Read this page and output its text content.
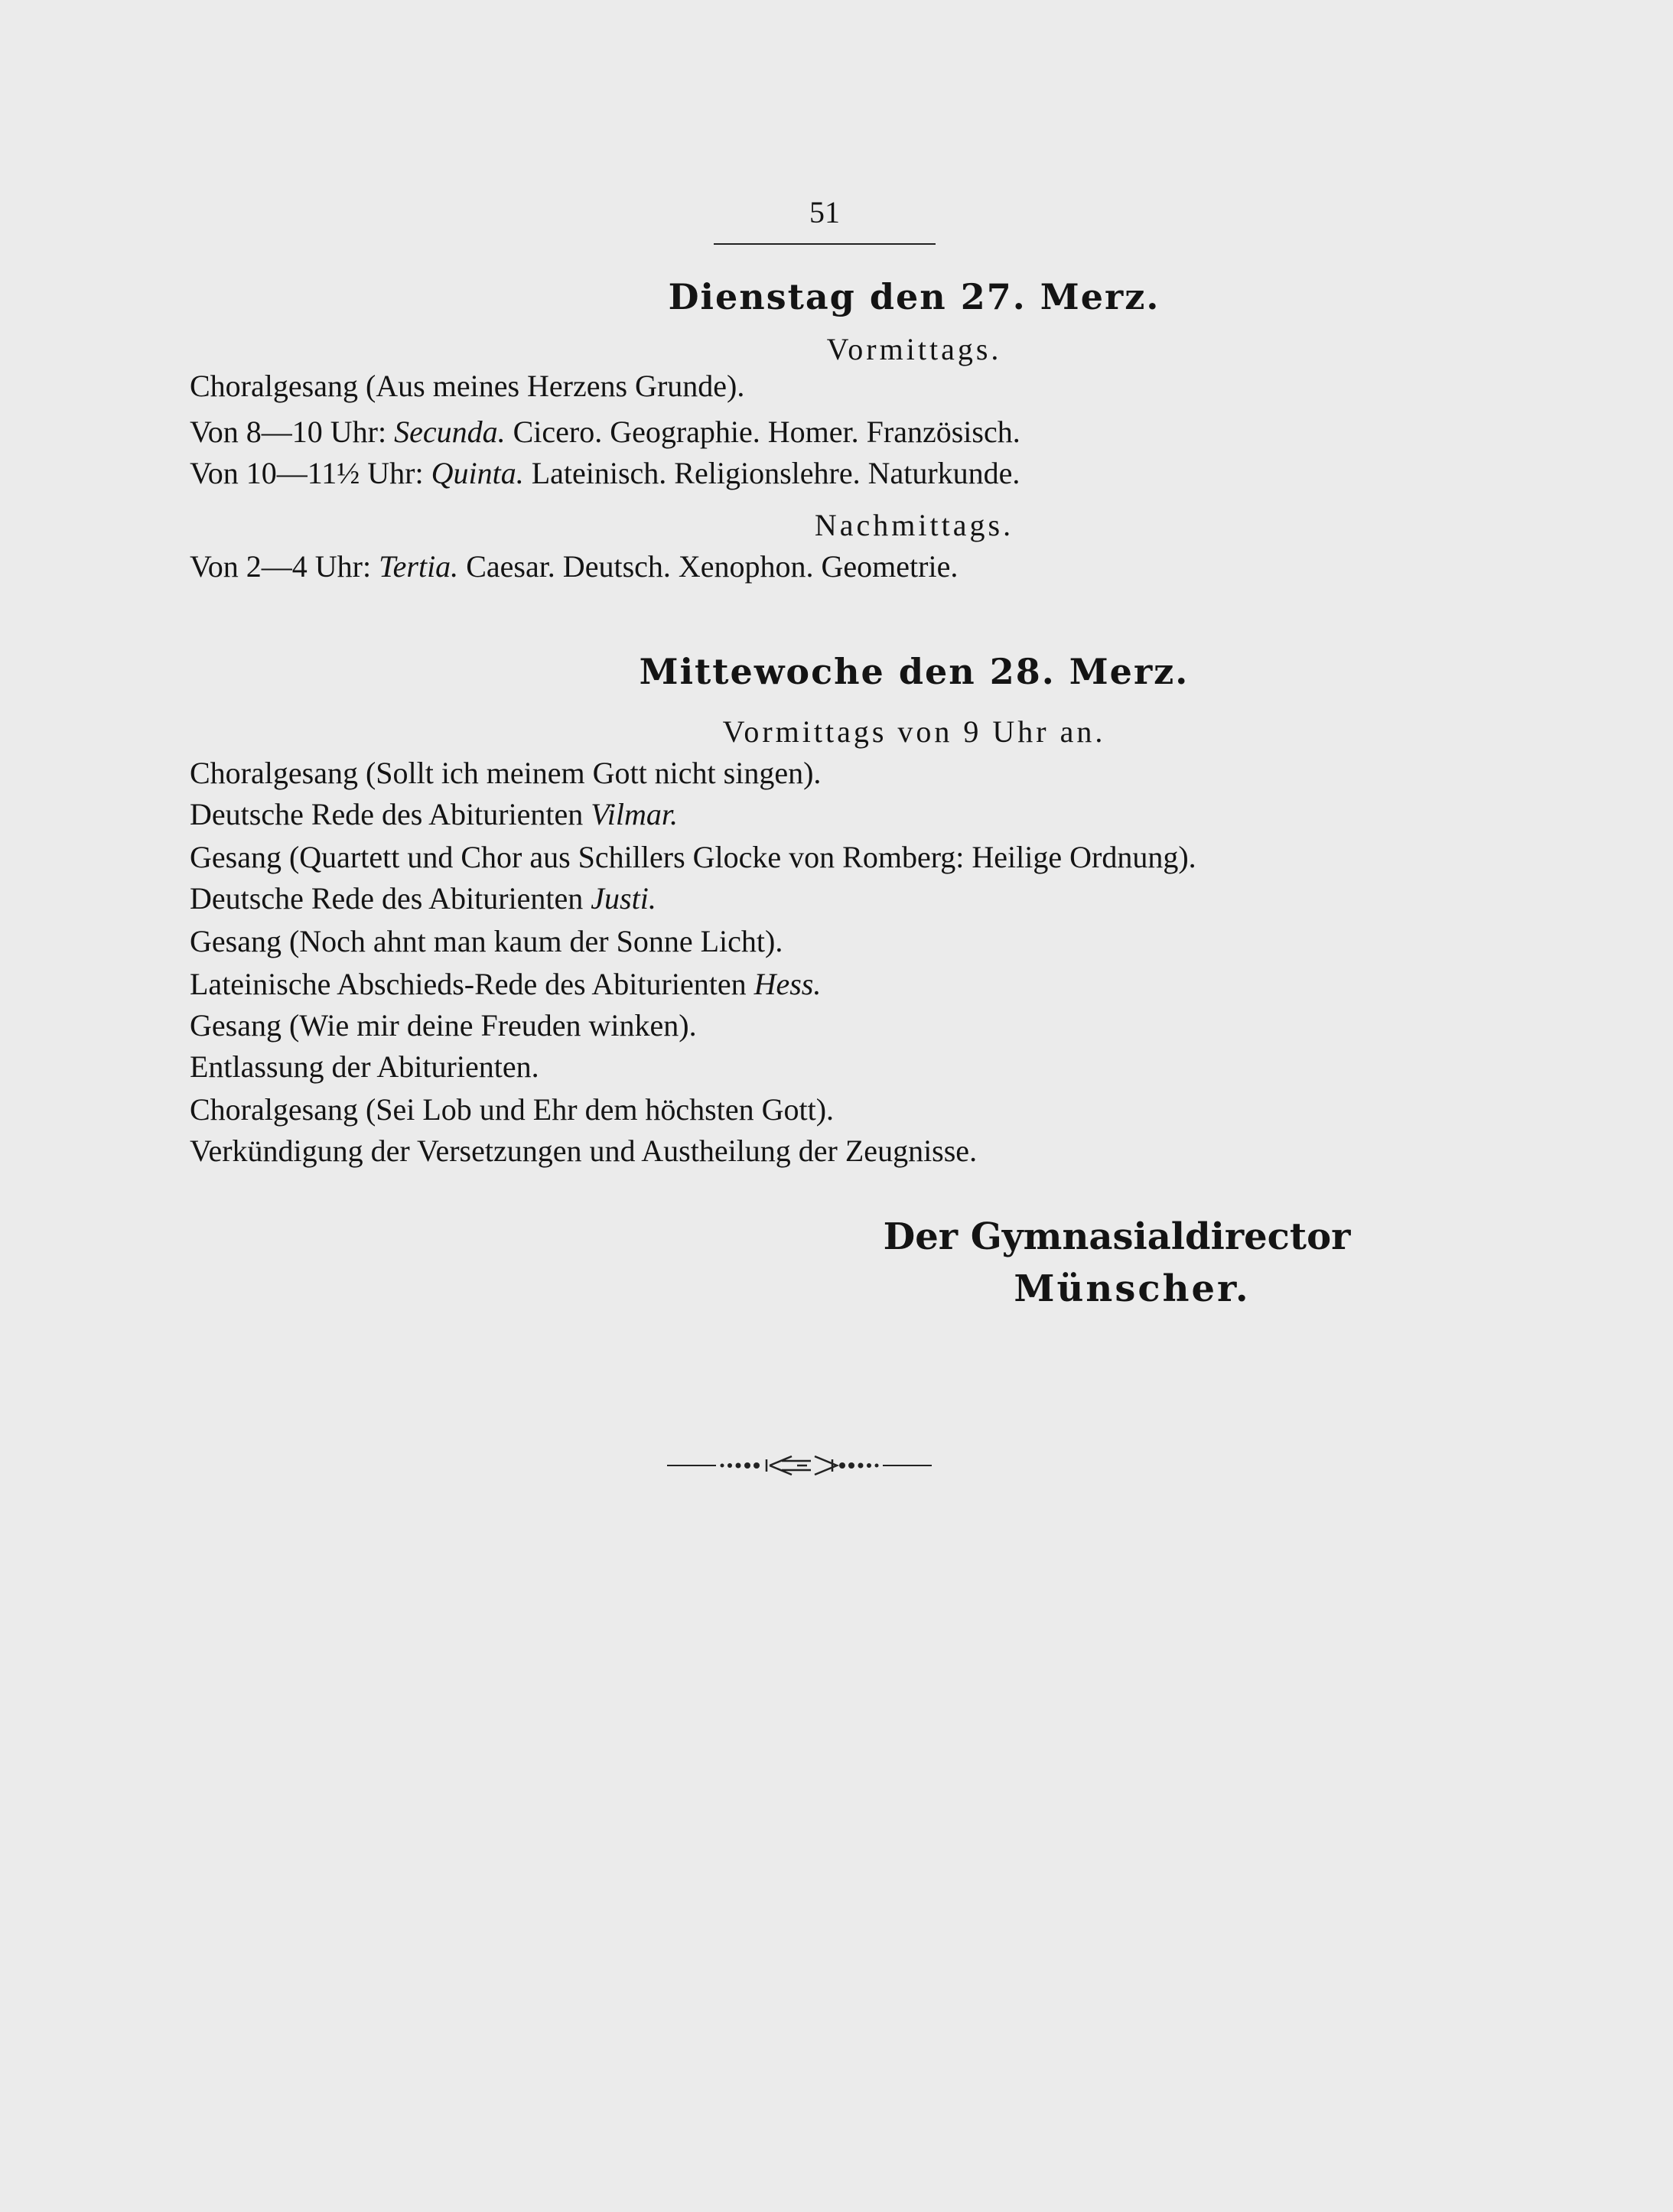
51
Dienstag den 27. Merz.
Vormittags.
Choralgesang (Aus meines Herzens Grunde).
Von 8—10 Uhr: Secunda. Cicero. Geographie. Homer. Französisch.
Von 10—11½ Uhr: Quinta. Lateinisch. Religionslehre. Naturkunde.
Nachmittags.
Von 2—4 Uhr: Tertia. Caesar. Deutsch. Xenophon. Geometrie.
Mittewoche den 28. Merz.
Vormittags von 9 Uhr an.
Choralgesang (Sollt ich meinem Gott nicht singen).
Deutsche Rede des Abiturienten Vilmar.
Gesang (Quartett und Chor aus Schillers Glocke von Romberg: Heilige Ordnung).
Deutsche Rede des Abiturienten Justi.
Gesang (Noch ahnt man kaum der Sonne Licht).
Lateinische Abschieds-Rede des Abiturienten Hess.
Gesang (Wie mir deine Freuden winken).
Entlassung der Abiturienten.
Choralgesang (Sei Lob und Ehr dem höchsten Gott).
Verkündigung der Versetzungen und Austheilung der Zeugnisse.
Der Gymnasialdirector
Münscher.
